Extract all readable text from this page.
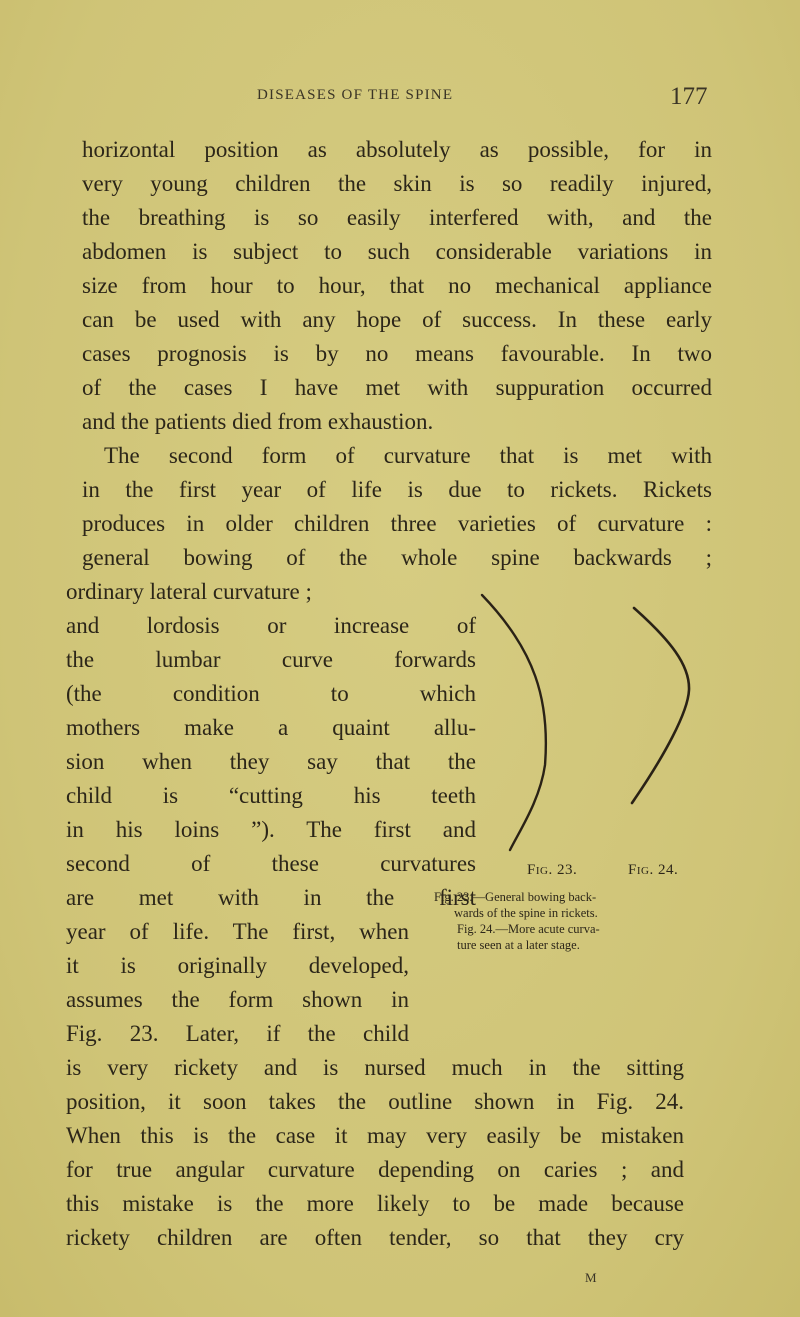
DISEASES OF THE SPINE	177
horizontal position as absolutely as possible, for in
very young children the skin is so readily injured,
the breathing is so easily interfered with, and the
abdomen is subject to such considerable variations in
size from hour to hour, that no mechanical appliance
can be used with any hope of success. In these early
cases prognosis is by no means favourable. In two
of the cases I have met with suppuration occurred
and the patients died from exhaustion.
The second form of curvature that is met with
in the first year of life is due to rickets. Rickets
produces in older children three varieties of curvature :
general bowing of the whole spine backwards ;
ordinary lateral curvature ;
and lordosis or increase of
the lumbar curve forwards
(the condition to which
mothers make a quaint allu-
sion when they say that the
child is “cutting his teeth
in his loins ”). The first and
second of these curvatures
are met with in the first
year of life. The first, when
it is originally developed,
assumes the form shown in
Fig. 23. Later, if the child
Fig. 23.	Fig. 24.
Fig. 23.—General bowing back-
wards of the spine in rickets.
Fig. 24.—More acute curva-
ture seen at a later stage.
is very rickety and is nursed much in the sitting
position, it soon takes the outline shown in Fig. 24.
When this is the case it may very easily be mistaken
for true angular curvature depending on caries ; and
this mistake is the more likely to be made because
rickety children are often tender, so that they cry
M
